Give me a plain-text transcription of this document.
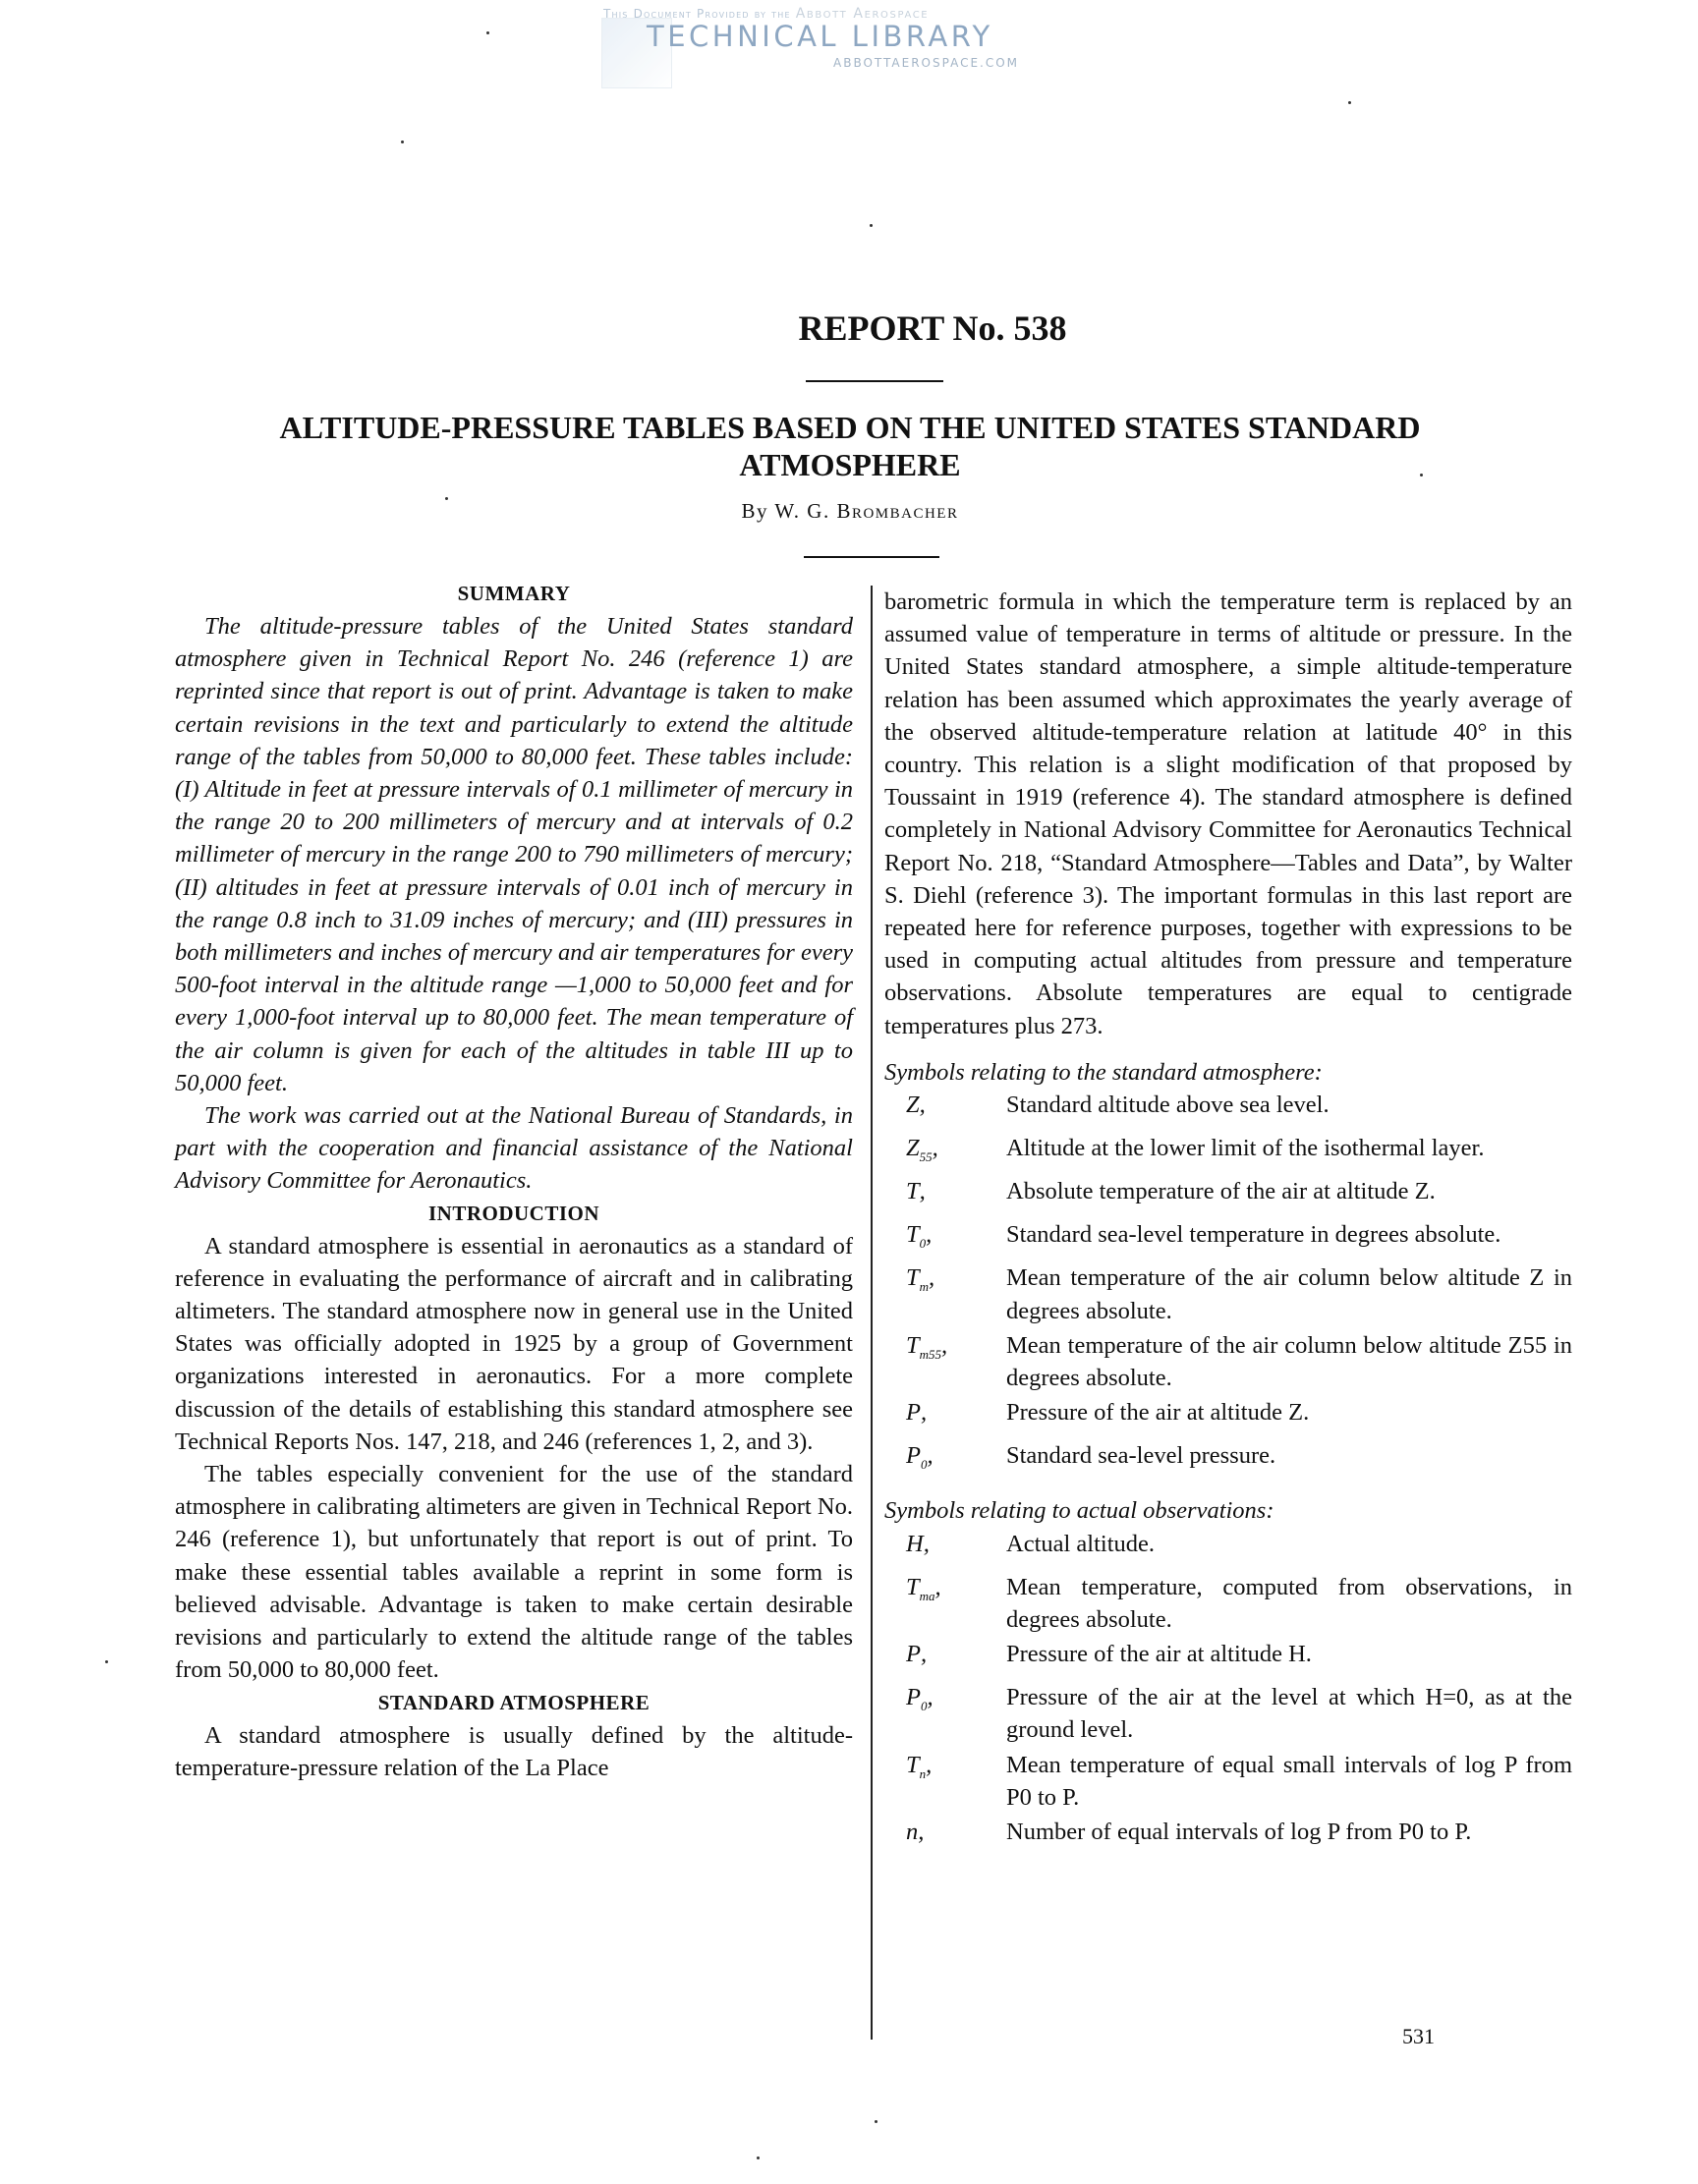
This Document Provided by the Abbott Aerospace
TECHNICAL LIBRARY
ABBOTTAEROSPACE.COM
REPORT No. 538
ALTITUDE-PRESSURE TABLES BASED ON THE UNITED STATES STANDARD
ATMOSPHERE
By W. G. Brombacher
SUMMARY

The altitude-pressure tables of the United States standard atmosphere given in Technical Report No. 246 (reference 1) are reprinted since that report is out of print. Advantage is taken to make certain revisions in the text and particularly to extend the altitude range of the tables from 50,000 to 80,000 feet. These tables include: (I) Altitude in feet at pressure intervals of 0.1 millimeter of mercury in the range 20 to 200 millimeters of mercury and at intervals of 0.2 millimeter of mercury in the range 200 to 790 millimeters of mercury; (II) altitudes in feet at pressure intervals of 0.01 inch of mercury in the range 0.8 inch to 31.09 inches of mercury; and (III) pressures in both millimeters and inches of mercury and air temperatures for every 500-foot interval in the altitude range —1,000 to 50,000 feet and for every 1,000-foot interval up to 80,000 feet. The mean temperature of the air column is given for each of the altitudes in table III up to 50,000 feet.

The work was carried out at the National Bureau of Standards, in part with the cooperation and financial assistance of the National Advisory Committee for Aeronautics.

INTRODUCTION

A standard atmosphere is essential in aeronautics as a standard of reference in evaluating the performance of aircraft and in calibrating altimeters. The standard atmosphere now in general use in the United States was officially adopted in 1925 by a group of Government organizations interested in aeronautics. For a more complete discussion of the details of establishing this standard atmosphere see Technical Reports Nos. 147, 218, and 246 (references 1, 2, and 3).

The tables especially convenient for the use of the standard atmosphere in calibrating altimeters are given in Technical Report No. 246 (reference 1), but unfortunately that report is out of print. To make these essential tables available a reprint in some form is believed advisable. Advantage is taken to make certain desirable revisions and particularly to extend the altitude range of the tables from 50,000 to 80,000 feet.

STANDARD ATMOSPHERE

A standard atmosphere is usually defined by the altitude-temperature-pressure relation of the La Place

barometric formula in which the temperature term is replaced by an assumed value of temperature in terms of altitude or pressure. In the United States standard atmosphere, a simple altitude-temperature relation has been assumed which approximates the yearly average of the observed altitude-temperature relation at latitude 40° in this country. This relation is a slight modification of that proposed by Toussaint in 1919 (reference 4). The standard atmosphere is defined completely in National Advisory Committee for Aeronautics Technical Report No. 218, “Standard Atmosphere—Tables and Data”, by Walter S. Diehl (reference 3). The important formulas in this last report are repeated here for reference purposes, together with expressions to be used in computing actual altitudes from pressure and temperature observations. Absolute temperatures are equal to centigrade temperatures plus 273.

Symbols relating to the standard atmosphere:

Z,	Standard altitude above sea level.
$Z_{55}$,	Altitude at the lower limit of the isothermal layer.
T,	Absolute temperature of the air at altitude Z.
$T_0$,	Standard sea-level temperature in degrees absolute.
$T_m$,	Mean temperature of the air column below altitude Z in degrees absolute.
$T_{m55}$,	Mean temperature of the air column below altitude Z55 in degrees absolute.
P,	Pressure of the air at altitude Z.
$P_0$,	Standard sea-level pressure.

Symbols relating to actual observations:

H,	Actual altitude.
$T_{ma}$,	Mean temperature, computed from observations, in degrees absolute.
P,	Pressure of the air at altitude H.
$P_0$,	Pressure of the air at the level at which H=0, as at the ground level.
$T_n$,	Mean temperature of equal small intervals of log P from P0 to P.
n,	Number of equal intervals of log P from P0 to P.
531
